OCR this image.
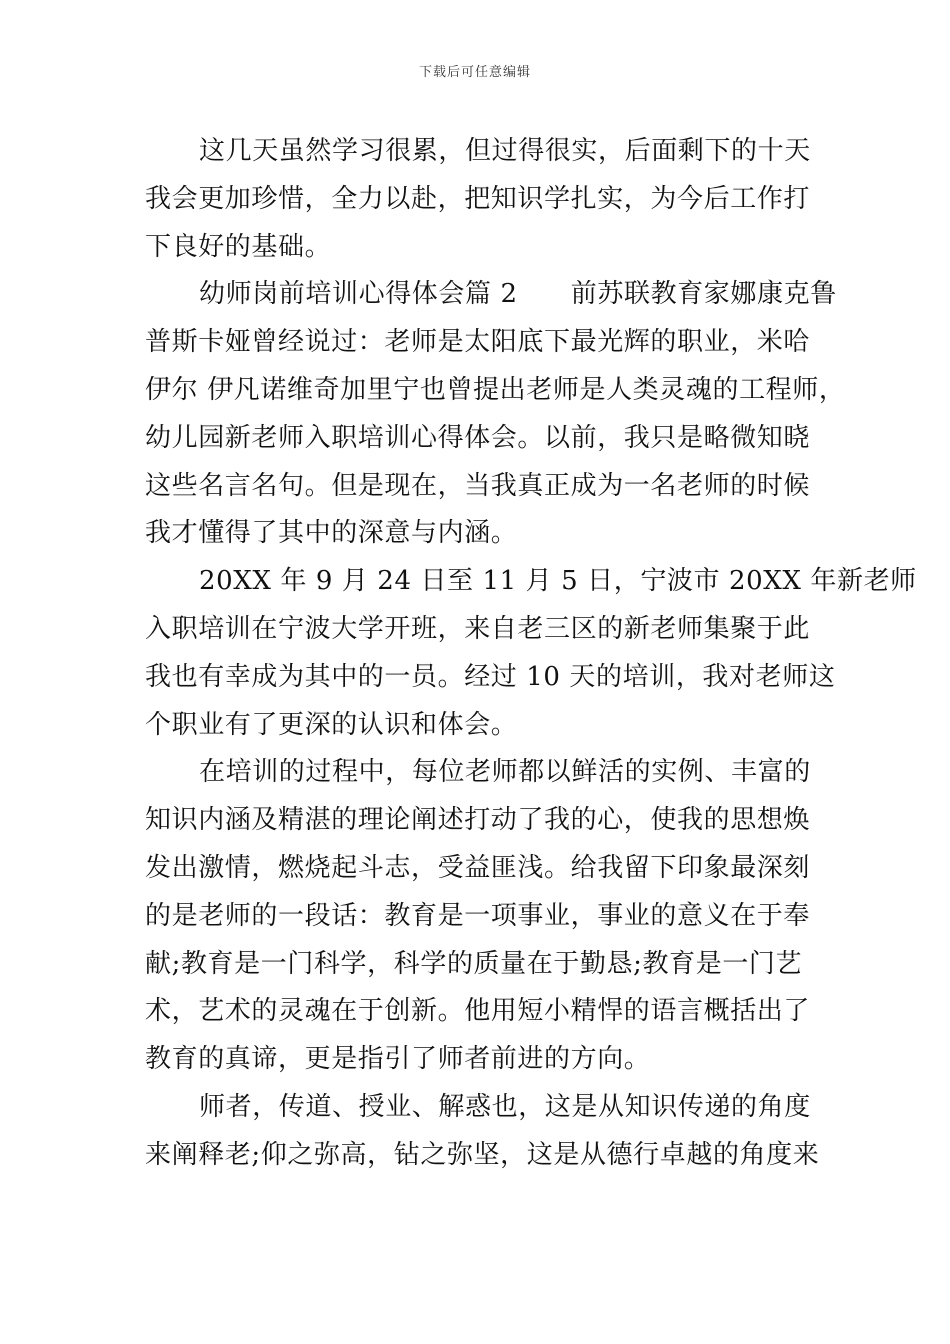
下载后可任意编辑
这几天虽然学习很累，但过得很实，后面剩下的十天
我会更加珍惜，全力以赴，把知识学扎实，为今后工作打
下良好的基础。
幼师岗前培训心得体会篇 2　　前苏联教育家娜康克鲁
普斯卡娅曾经说过：老师是太阳底下最光辉的职业，米哈
伊尔 伊凡诺维奇加里宁也曾提出老师是人类灵魂的工程师，
幼儿园新老师入职培训心得体会。以前，我只是略微知晓
这些名言名句。但是现在，当我真正成为一名老师的时候
我才懂得了其中的深意与内涵。
20XX 年 9 月 24 日至 11 月 5 日，宁波市 20XX 年新老师
入职培训在宁波大学开班，来自老三区的新老师集聚于此
我也有幸成为其中的一员。经过 10 天的培训，我对老师这
个职业有了更深的认识和体会。
在培训的过程中，每位老师都以鲜活的实例、丰富的
知识内涵及精湛的理论阐述打动了我的心，使我的思想焕
发出激情，燃烧起斗志，受益匪浅。给我留下印象最深刻
的是老师的一段话：教育是一项事业，事业的意义在于奉
献;教育是一门科学，科学的质量在于勤恳;教育是一门艺
术，艺术的灵魂在于创新。他用短小精悍的语言概括出了
教育的真谛，更是指引了师者前进的方向。
师者，传道、授业、解惑也，这是从知识传递的角度
来阐释老;仰之弥高，钻之弥坚，这是从德行卓越的角度来
